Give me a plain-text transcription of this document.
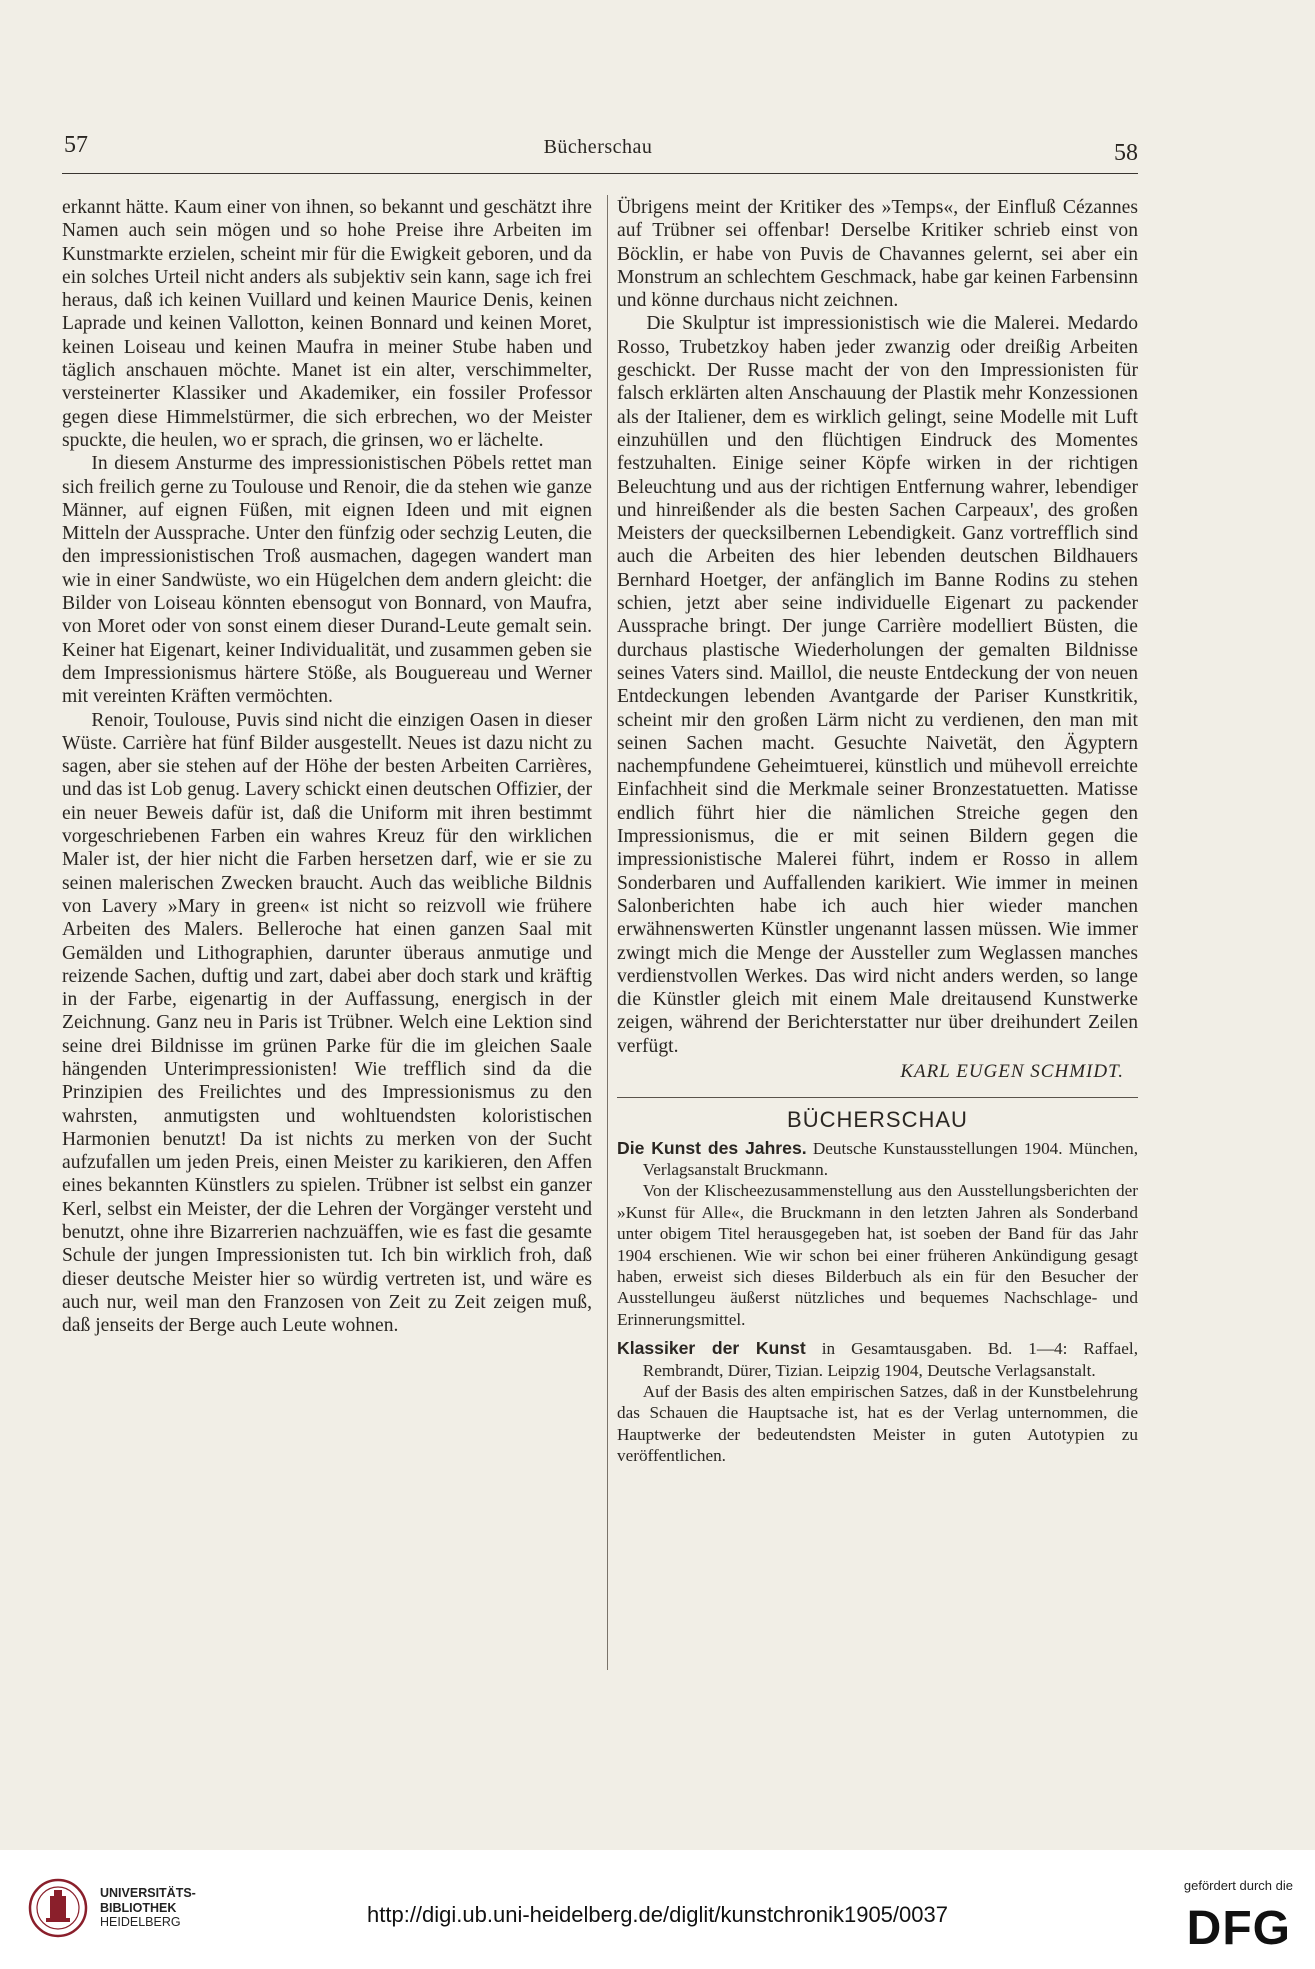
57	Bücherschau	58

erkannt hätte. Kaum einer von ihnen, so bekannt und geschätzt ihre Namen auch sein mögen und so hohe Preise ihre Arbeiten im Kunstmarkte erzielen, scheint mir für die Ewigkeit geboren, und da ein solches Urteil nicht anders als subjektiv sein kann, sage ich frei heraus, daß ich keinen Vuillard und keinen Maurice Denis, keinen Laprade und keinen Vallotton, keinen Bonnard und keinen Moret, keinen Loiseau und keinen Maufra in meiner Stube haben und täglich anschauen möchte. Manet ist ein alter, verschimmelter, versteinerter Klassiker und Akademiker, ein fossiler Professor gegen diese Himmelstürmer, die sich erbrechen, wo der Meister spuckte, die heulen, wo er sprach, die grinsen, wo er lächelte.

In diesem Ansturme des impressionistischen Pöbels rettet man sich freilich gerne zu Toulouse und Renoir, die da stehen wie ganze Männer, auf eignen Füßen, mit eignen Ideen und mit eignen Mitteln der Aussprache. Unter den fünfzig oder sechzig Leuten, die den impressionistischen Troß ausmachen, dagegen wandert man wie in einer Sandwüste, wo ein Hügelchen dem andern gleicht: die Bilder von Loiseau könnten ebensogut von Bonnard, von Maufra, von Moret oder von sonst einem dieser Durand-Leute gemalt sein. Keiner hat Eigenart, keiner Individualität, und zusammen geben sie dem Impressionismus härtere Stöße, als Bouguereau und Werner mit vereinten Kräften vermöchten.

Renoir, Toulouse, Puvis sind nicht die einzigen Oasen in dieser Wüste. Carrière hat fünf Bilder ausgestellt. Neues ist dazu nicht zu sagen, aber sie stehen auf der Höhe der besten Arbeiten Carrières, und das ist Lob genug. Lavery schickt einen deutschen Offizier, der ein neuer Beweis dafür ist, daß die Uniform mit ihren bestimmt vorgeschriebenen Farben ein wahres Kreuz für den wirklichen Maler ist, der hier nicht die Farben hersetzen darf, wie er sie zu seinen malerischen Zwecken braucht. Auch das weibliche Bildnis von Lavery »Mary in green« ist nicht so reizvoll wie frühere Arbeiten des Malers. Belleroche hat einen ganzen Saal mit Gemälden und Lithographien, darunter überaus anmutige und reizende Sachen, duftig und zart, dabei aber doch stark und kräftig in der Farbe, eigenartig in der Auffassung, energisch in der Zeichnung. Ganz neu in Paris ist Trübner. Welch eine Lektion sind seine drei Bildnisse im grünen Parke für die im gleichen Saale hängenden Unterimpressionisten! Wie trefflich sind da die Prinzipien des Freilichtes und des Impressionismus zu den wahrsten, anmutigsten und wohltuendsten koloristischen Harmonien benutzt! Da ist nichts zu merken von der Sucht aufzufallen um jeden Preis, einen Meister zu karikieren, den Affen eines bekannten Künstlers zu spielen. Trübner ist selbst ein ganzer Kerl, selbst ein Meister, der die Lehren der Vorgänger versteht und benutzt, ohne ihre Bizarrerien nachzuäffen, wie es fast die gesamte Schule der jungen Impressionisten tut. Ich bin wirklich froh, daß dieser deutsche Meister hier so würdig vertreten ist, und wäre es auch nur, weil man den Franzosen von Zeit zu Zeit zeigen muß, daß jenseits der Berge auch Leute wohnen.

Übrigens meint der Kritiker des »Temps«, der Einfluß Cézannes auf Trübner sei offenbar! Derselbe Kritiker schrieb einst von Böcklin, er habe von Puvis de Chavannes gelernt, sei aber ein Monstrum an schlechtem Geschmack, habe gar keinen Farbensinn und könne durchaus nicht zeichnen.

Die Skulptur ist impressionistisch wie die Malerei. Medardo Rosso, Trubetzkoy haben jeder zwanzig oder dreißig Arbeiten geschickt. Der Russe macht der von den Impressionisten für falsch erklärten alten Anschauung der Plastik mehr Konzessionen als der Italiener, dem es wirklich gelingt, seine Modelle mit Luft einzuhüllen und den flüchtigen Eindruck des Momentes festzuhalten. Einige seiner Köpfe wirken in der richtigen Beleuchtung und aus der richtigen Entfernung wahrer, lebendiger und hinreißender als die besten Sachen Carpeaux', des großen Meisters der quecksilbernen Lebendigkeit. Ganz vortrefflich sind auch die Arbeiten des hier lebenden deutschen Bildhauers Bernhard Hoetger, der anfänglich im Banne Rodins zu stehen schien, jetzt aber seine individuelle Eigenart zu packender Aussprache bringt. Der junge Carrière modelliert Büsten, die durchaus plastische Wiederholungen der gemalten Bildnisse seines Vaters sind. Maillol, die neuste Entdeckung der von neuen Entdeckungen lebenden Avantgarde der Pariser Kunstkritik, scheint mir den großen Lärm nicht zu verdienen, den man mit seinen Sachen macht. Gesuchte Naivetät, den Ägyptern nachempfundene Geheimtuerei, künstlich und mühevoll erreichte Einfachheit sind die Merkmale seiner Bronzestatuetten. Matisse endlich führt hier die nämlichen Streiche gegen den Impressionismus, die er mit seinen Bildern gegen die impressionistische Malerei führt, indem er Rosso in allem Sonderbaren und Auffallenden karikiert. Wie immer in meinen Salonberichten habe ich auch hier wieder manchen erwähnenswerten Künstler ungenannt lassen müssen. Wie immer zwingt mich die Menge der Aussteller zum Weglassen manches verdienstvollen Werkes. Das wird nicht anders werden, so lange die Künstler gleich mit einem Male dreitausend Kunstwerke zeigen, während der Berichterstatter nur über dreihundert Zeilen verfügt.

KARL EUGEN SCHMIDT.
BÜCHERSCHAU

Die Kunst des Jahres. Deutsche Kunstausstellungen 1904. München, Verlagsanstalt Bruckmann.

Von der Klischeezusammenstellung aus den Ausstellungsberichten der »Kunst für Alle«, die Bruckmann in den letzten Jahren als Sonderband unter obigem Titel herausgegeben hat, ist soeben der Band für das Jahr 1904 erschienen. Wie wir schon bei einer früheren Ankündigung gesagt haben, erweist sich dieses Bilderbuch als ein für den Besucher der Ausstellungeu äußerst nützliches und bequemes Nachschlage- und Erinnerungsmittel.

Klassiker der Kunst in Gesamtausgaben. Bd. 1—4: Raffael, Rembrandt, Dürer, Tizian. Leipzig 1904, Deutsche Verlagsanstalt.

Auf der Basis des alten empirischen Satzes, daß in der Kunstbelehrung das Schauen die Hauptsache ist, hat es der Verlag unternommen, die Hauptwerke der bedeutendsten Meister in guten Autotypien zu veröffentlichen.

UNIVERSITÄTS-
BIBLIOTHEK
HEIDELBERG	http://digi.ub.uni-heidelberg.de/diglit/kunstchronik1905/0037
gefördert durch die
DFG
